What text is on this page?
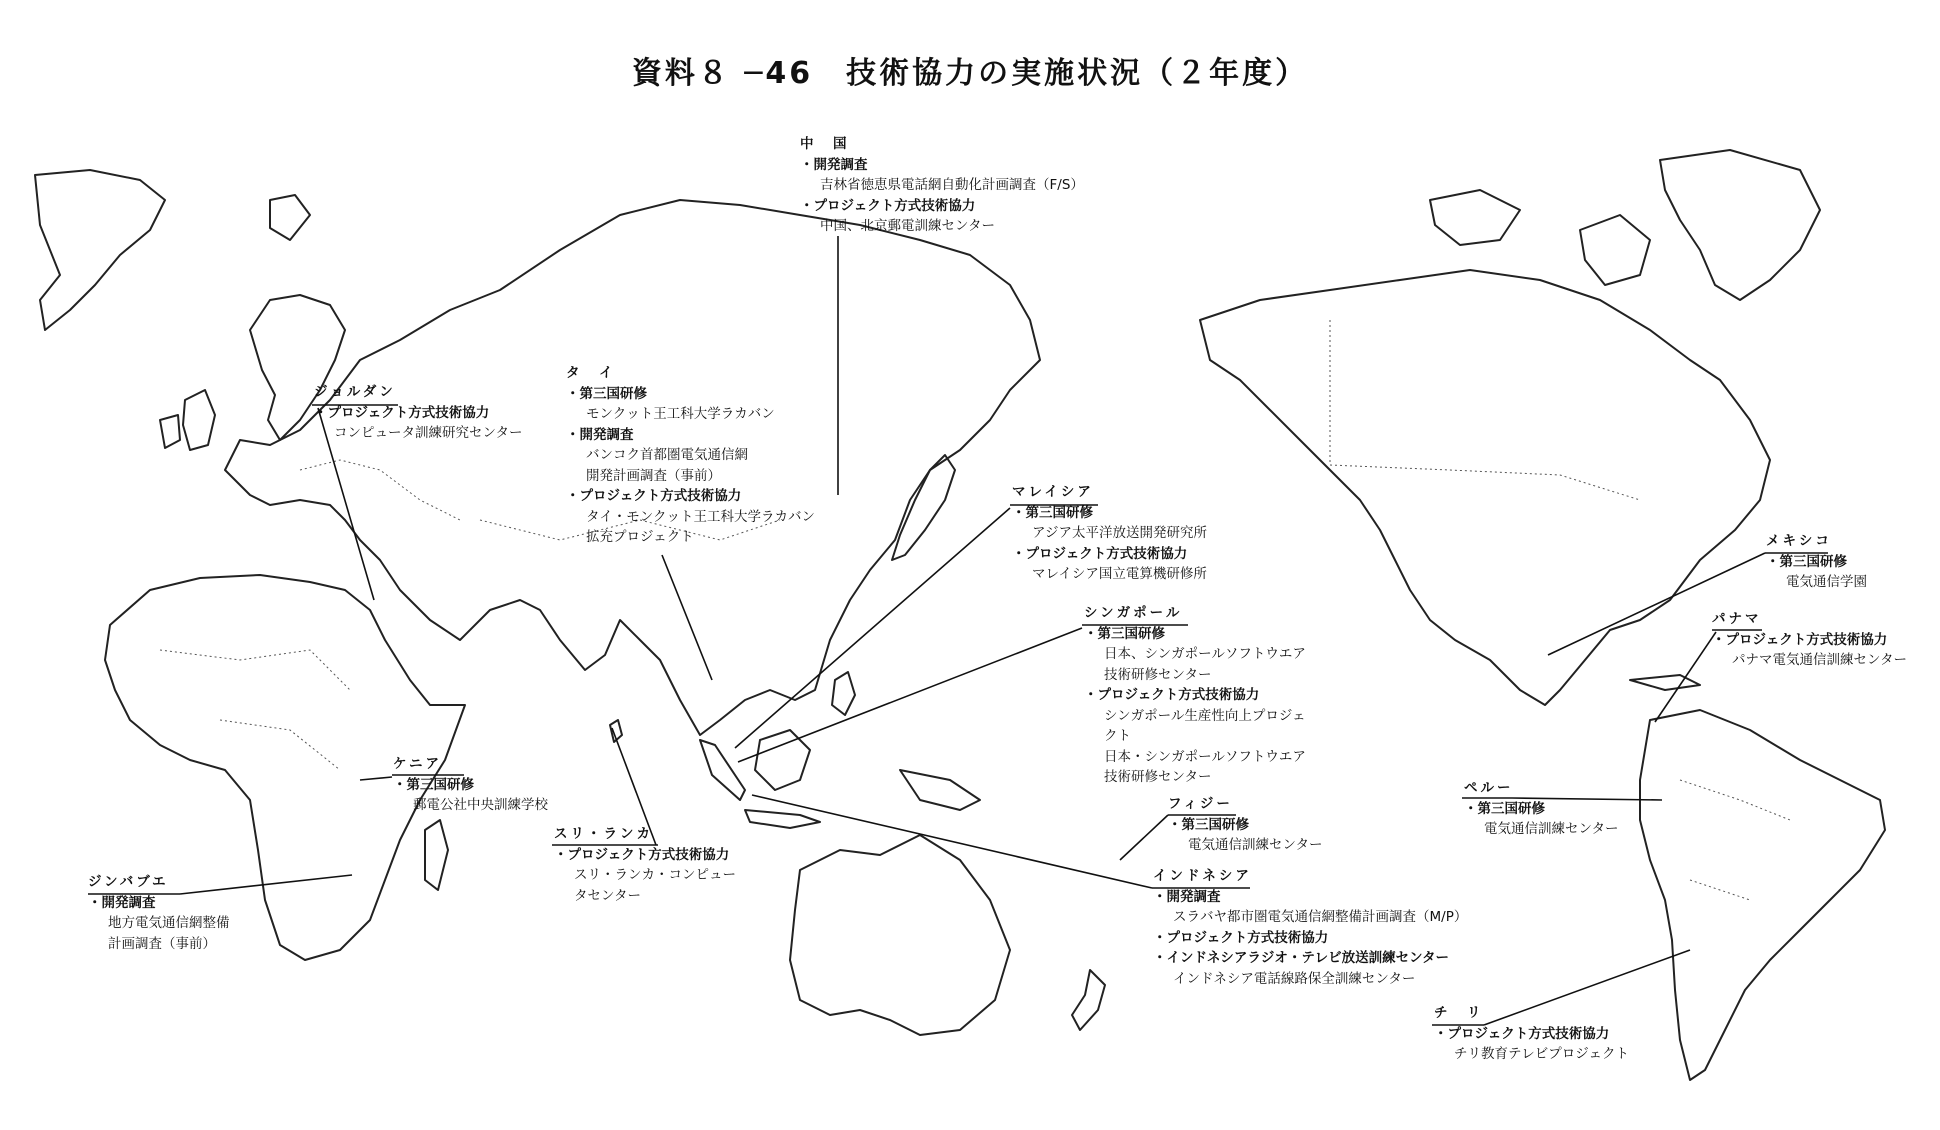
資料８ ─46　技術協力の実施状況（２年度）
中　国
・開発調査
吉林省徳恵県電話網自動化計画調査（F/S）
・プロジェクト方式技術協力
中国、北京郵電訓練センター
ジョルダン
・プロジェクト方式技術協力
コンピュータ訓練研究センター
タ　イ
・第三国研修
モンクット王工科大学ラカバン
・開発調査
バンコク首都圏電気通信網
開発計画調査（事前）
・プロジェクト方式技術協力
タイ・モンクット王工科大学ラカバン
拡充プロジェクト
マレイシア
・第三国研修
アジア太平洋放送開発研究所
・プロジェクト方式技術協力
マレイシア国立電算機研修所
シンガポール
・第三国研修
日本、シンガポールソフトウエア
技術研修センター
・プロジェクト方式技術協力
シンガポール生産性向上プロジェ
クト
日本・シンガポールソフトウエア
技術研修センター
ケニア
・第三国研修
郵電公社中央訓練学校
スリ・ランカ
・プロジェクト方式技術協力
スリ・ランカ・コンピュー
タセンター
ジンバブエ
・開発調査
地方電気通信網整備
計画調査（事前）
フィジー
・第三国研修
電気通信訓練センター
インドネシア
・開発調査
スラバヤ都市圏電気通信網整備計画調査（M/P）
・プロジェクト方式技術協力
・インドネシアラジオ・テレビ放送訓練センター
インドネシア電話線路保全訓練センター
メキシコ
・第三国研修
電気通信学園
パナマ
・プロジェクト方式技術協力
パナマ電気通信訓練センター
ペルー
・第三国研修
電気通信訓練センター
チ　リ
・プロジェクト方式技術協力
チリ教育テレビプロジェクト
